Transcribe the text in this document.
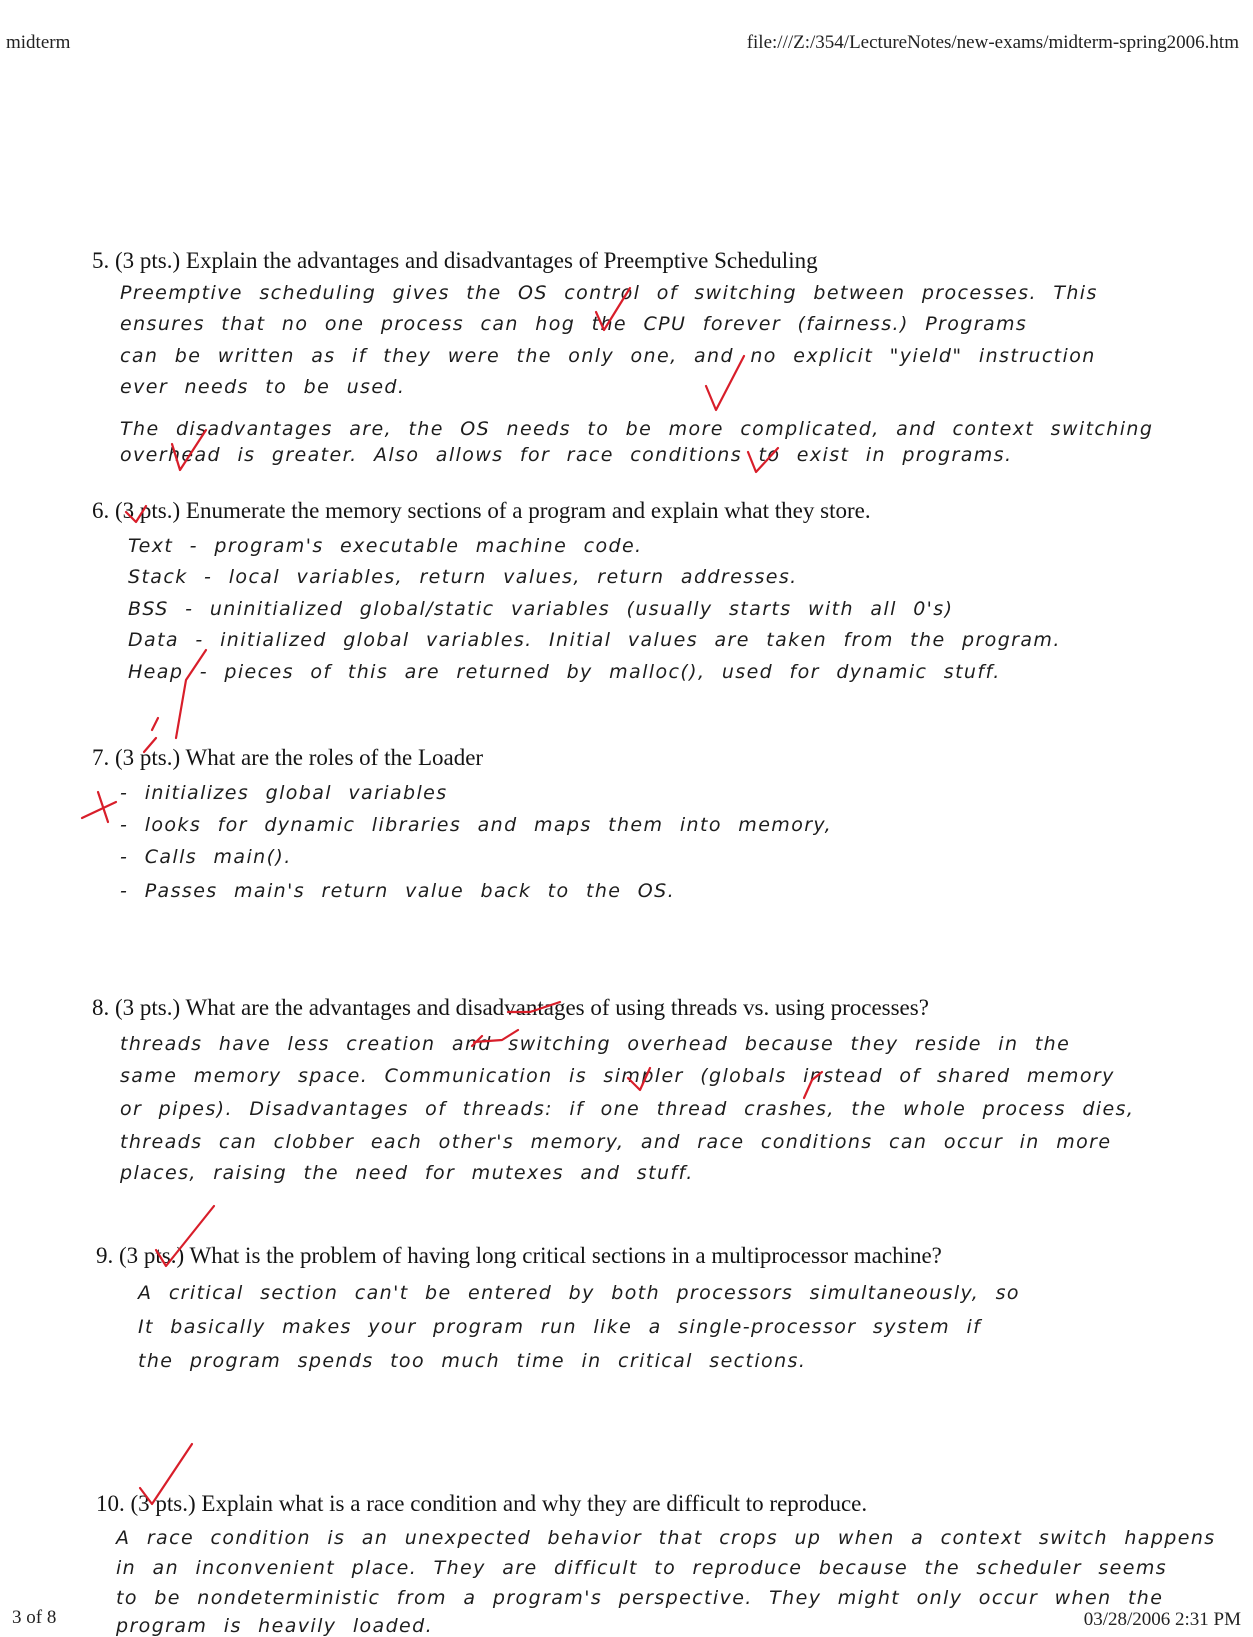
midterm	file:///Z:/354/LectureNotes/new-exams/midterm-spring2006.htm
5. (3 pts.) Explain the advantages and disadvantages of Preemptive Scheduling
Preemptive scheduling gives the OS control of switching between processes. This
ensures that no one process can hog the CPU forever (fairness.) Programs
can be written as if they were the only one, and no explicit "yield" instruction
ever needs to be used.
The disadvantages are, the OS needs to be more complicated, and context switching
overhead is greater. Also allows for race conditions to exist in programs.
6. (3 pts.) Enumerate the memory sections of a program and explain what they store.
Text - program's executable machine code.
Stack - local variables, return values, return addresses.
BSS - uninitialized global/static variables (usually starts with all 0's)
Data - initialized global variables. Initial values are taken from the program.
Heap - pieces of this are returned by malloc(), used for dynamic stuff.
7. (3 pts.) What are the roles of the Loader
- initializes global variables
- looks for dynamic libraries and maps them into memory,
- Calls main().
- Passes main's return value back to the OS.
8. (3 pts.) What are the advantages and disadvantages of using threads vs. using processes?
threads have less creation and switching overhead because they reside in the
same memory space. Communication is simpler (globals instead of shared memory
or pipes). Disadvantages of threads: if one thread crashes, the whole process dies,
threads can clobber each other's memory, and race conditions can occur in more
places, raising the need for mutexes and stuff.
9. (3 pts.) What is the problem of having long critical sections in a multiprocessor machine?
A critical section can't be entered by both processors simultaneously, so
It basically makes your program run like a single-processor system if
the program spends too much time in critical sections.
10. (3 pts.) Explain what is a race condition and why they are difficult to reproduce.
A race condition is an unexpected behavior that crops up when a context switch happens
in an inconvenient place. They are difficult to reproduce because the scheduler seems
to be nondeterministic from a program's perspective. They might only occur when the
program is heavily loaded.
3 of 8	03/28/2006 2:31 PM
